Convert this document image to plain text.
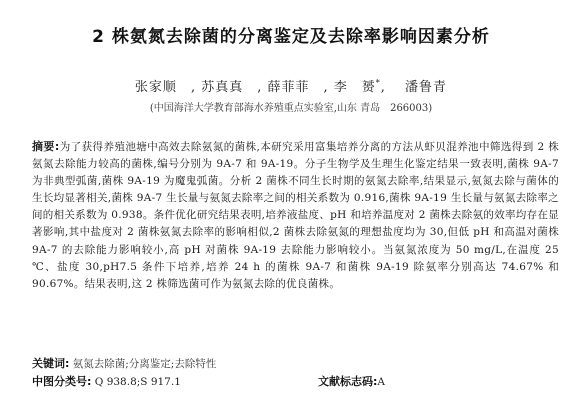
2 株氨氮去除菌的分离鉴定及去除率影响因素分析
张家顺 , 苏真真 , 薛菲菲 , 李　赟*, 潘鲁青
(中国海洋大学教育部海水养殖重点实验室,山东 青岛　266003)
摘要:为了获得养殖池塘中高效去除氨氮的菌株,本研究采用富集培养分离的方法从虾贝混养池中筛选得到 2 株氨氮去除能力较高的菌株,编号分别为 9A-7 和 9A-19。分子生物学及生理生化鉴定结果一致表明,菌株 9A-7 为非典型弧菌,菌株 9A-19 为魔鬼弧菌。分析 2 菌株不同生长时期的氨氮去除率,结果显示,氨氮去除与菌体的生长均显著相关,菌株 9A-7 生长量与氨氮去除率之间的相关系数为 0.916,菌株 9A-19 生长量与氨氮去除率之间的相关系数为 0.938。条件优化研究结果表明,培养液盐度、pH 和培养温度对 2 菌株去除氨的效率均存在显著影响,其中盐度对 2 菌株氨氮去除率的影响相似,2 菌株去除氨氮的理想盐度均为 30,但低 pH 和高温对菌株 9A-7 的去除能力影响较小,高 pH 对菌株 9A-19 去除能力影响较小。当氨氮浓度为 50 mg/L,在温度 25 ℃、盐度 30,pH7.5 条件下培养,培养 24 h 的菌株 9A-7 和菌株 9A-19 除氨率分别高达 74.67% 和 90.67%。结果表明,这 2 株筛选菌可作为氨氮去除的优良菌株。
关键词: 氨氮去除菌;分离鉴定;去除特性
中图分类号: Q 938.8;S 917.1	文献标志码:A
